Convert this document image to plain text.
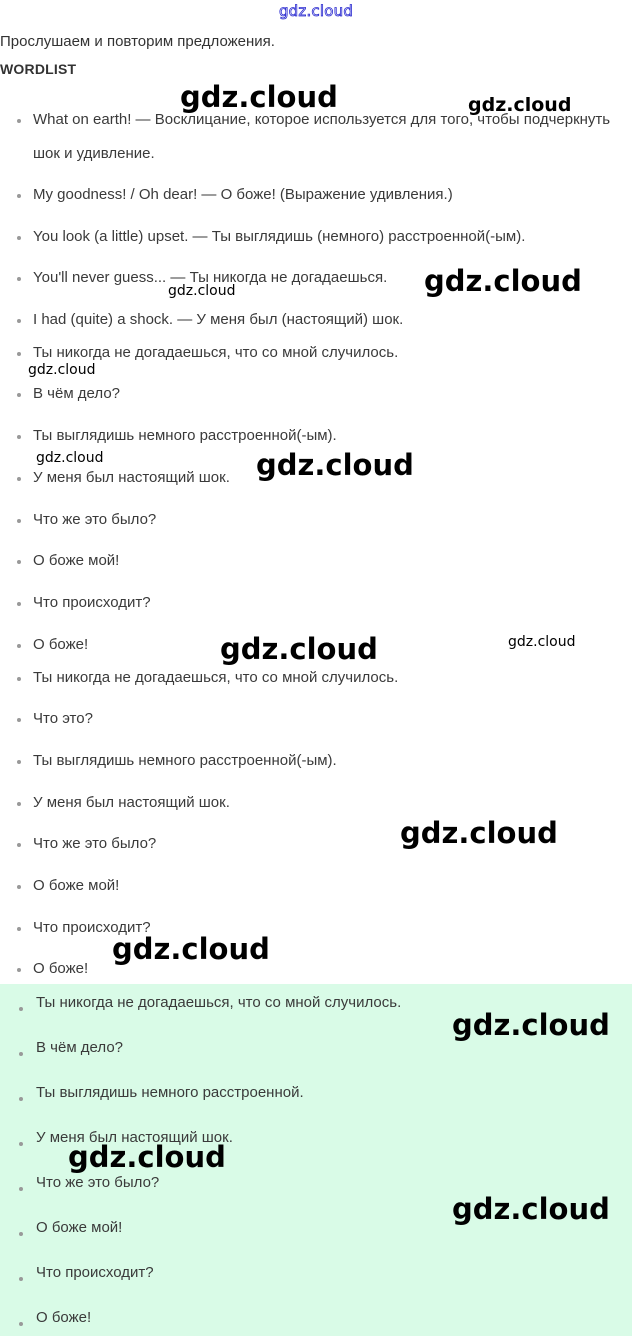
gdz.cloud
Прослушаем и повторим предложения.
WORDLIST
What on earth! — Восклицание, которое используется для того, чтобы подчеркнуть шок и удивление.
My goodness! / Oh dear! — О боже! (Выражение удивления.)
You look (a little) upset. — Ты выглядишь (немного) расстроенной(-ым).
You'll never guess... — Ты никогда не догадаешься.
I had (quite) a shock. — У меня был (настоящий) шок.
Ты никогда не догадаешься, что со мной случилось.
В чём дело?
Ты выглядишь немного расстроенной(-ым).
У меня был настоящий шок.
Что же это было?
О боже мой!
Что происходит?
О боже!
Ты никогда не догадаешься, что со мной случилось.
Что это?
Ты выглядишь немного расстроенной(-ым).
У меня был настоящий шок.
Что же это было?
О боже мой!
Что происходит?
О боже!
Ты никогда не догадаешься, что со мной случилось.
В чём дело?
Ты выглядишь немного расстроенной.
У меня был настоящий шок.
Что же это было?
О боже мой!
Что происходит?
О боже!
gdz.cloud	gdz.cloud
gdz.cloud
gdz.cloud
gdz.cloud
gdz.cloud	gdz.cloud
gdz.cloud	gdz.cloud
gdz.cloud
gdz.cloud
gdz.cloud
gdz.cloud
gdz.cloud
